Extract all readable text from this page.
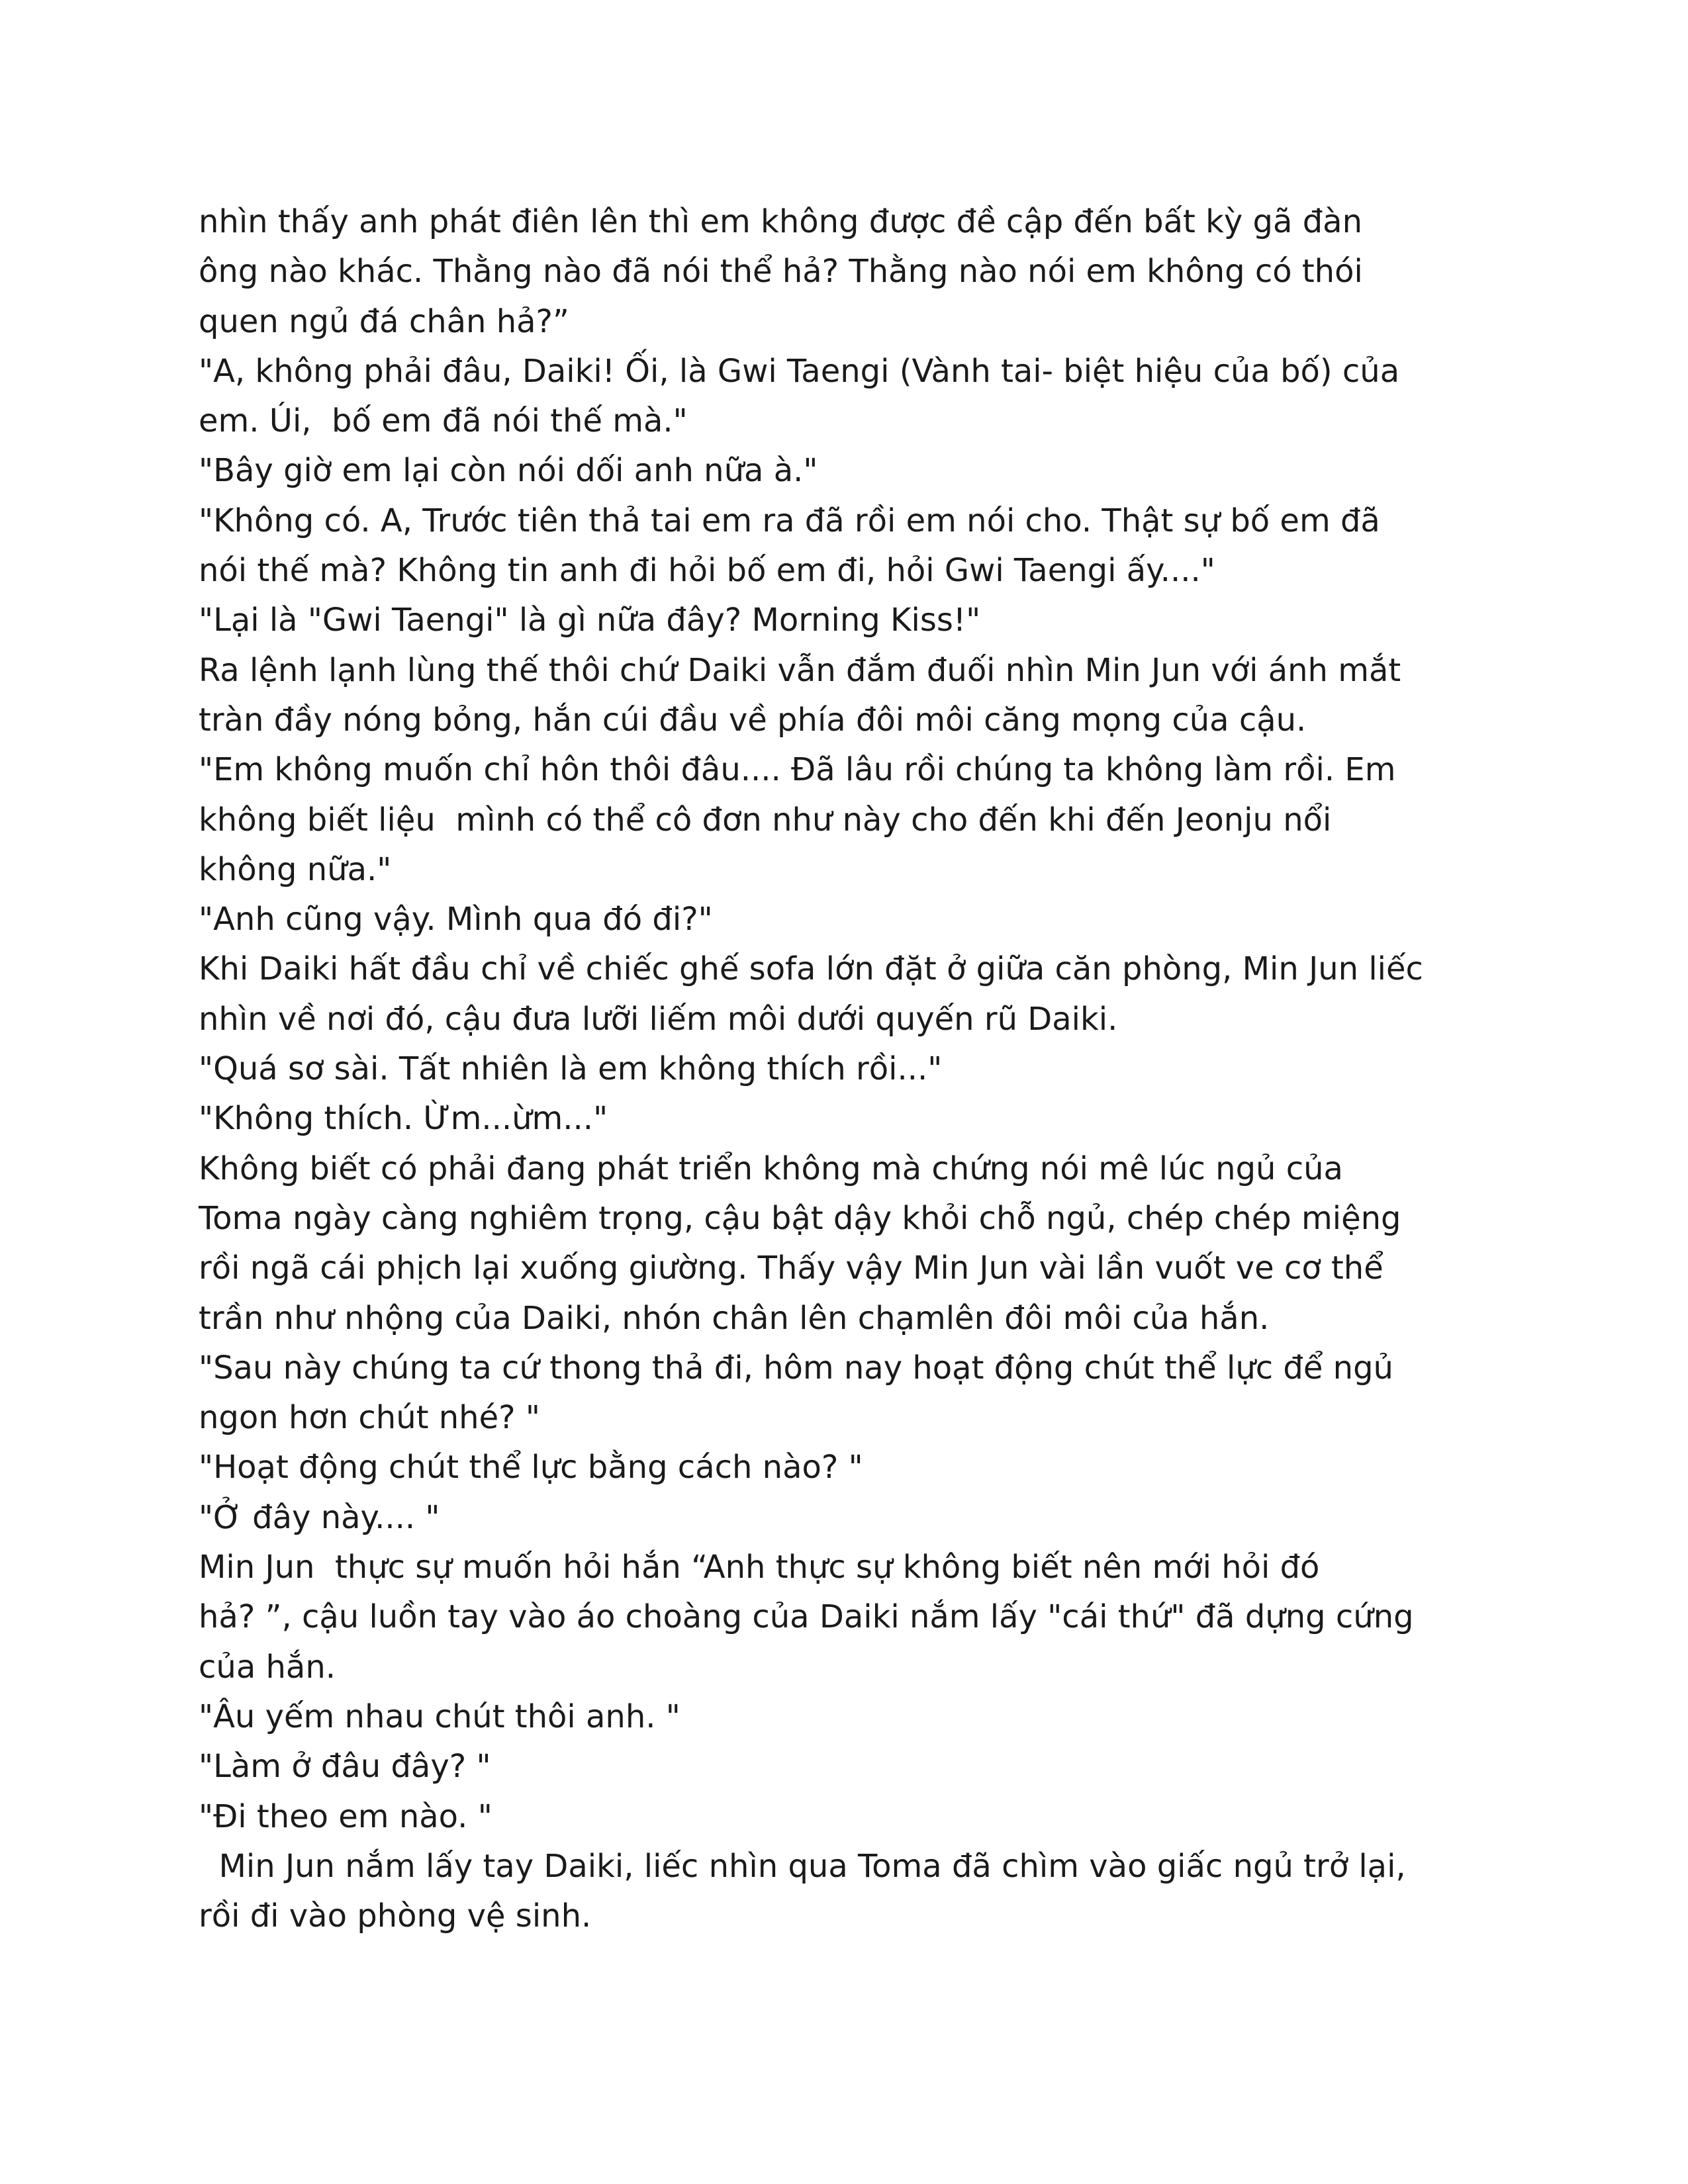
nhìn thấy anh phát điên lên thì em không được đề cập đến bất kỳ gã đàn
ông nào khác. Thằng nào đã nói thể hả? Thằng nào nói em không có thói
quen ngủ đá chân hả?”
"A, không phải đâu, Daiki! Ối, là Gwi Taengi (Vành tai- biệt hiệu của bố) của
em. Úi,  bố em đã nói thế mà."
"Bây giờ em lại còn nói dối anh nữa à."
"Không có. A, Trước tiên thả tai em ra đã rồi em nói cho. Thật sự bố em đã
nói thế mà? Không tin anh đi hỏi bố em đi, hỏi Gwi Taengi ấy...."
"Lại là "Gwi Taengi" là gì nữa đây? Morning Kiss!"
Ra lệnh lạnh lùng thế thôi chứ Daiki vẫn đắm đuối nhìn Min Jun với ánh mắt
tràn đầy nóng bỏng, hắn cúi đầu về phía đôi môi căng mọng của cậu.
"Em không muốn chỉ hôn thôi đâu.... Đã lâu rồi chúng ta không làm rồi. Em
không biết liệu  mình có thể cô đơn như này cho đến khi đến Jeonju nổi
không nữa."
"Anh cũng vậy. Mình qua đó đi?"
Khi Daiki hất đầu chỉ về chiếc ghế sofa lớn đặt ở giữa căn phòng, Min Jun liếc
nhìn về nơi đó, cậu đưa lưỡi liếm môi dưới quyến rũ Daiki.
"Quá sơ sài. Tất nhiên là em không thích rồi..."
"Không thích. Ừm...ừm..."
Không biết có phải đang phát triển không mà chứng nói mê lúc ngủ của
Toma ngày càng nghiêm trọng, cậu bật dậy khỏi chỗ ngủ, chép chép miệng
rồi ngã cái phịch lại xuống giường. Thấy vậy Min Jun vài lần vuốt ve cơ thể
trần như nhộng của Daiki, nhón chân lên chạmlên đôi môi của hắn.
"Sau này chúng ta cứ thong thả đi, hôm nay hoạt động chút thể lực để ngủ
ngon hơn chút nhé? "
"Hoạt động chút thể lực bằng cách nào? "
"Ở đây này.... "
Min Jun  thực sự muốn hỏi hắn “Anh thực sự không biết nên mới hỏi đó
hả? ”, cậu luồn tay vào áo choàng của Daiki nắm lấy "cái thứ" đã dựng cứng
của hắn.
"Âu yếm nhau chút thôi anh. "
"Làm ở đâu đây? "
"Đi theo em nào. "
Min Jun nắm lấy tay Daiki, liếc nhìn qua Toma đã chìm vào giấc ngủ trở lại,
rồi đi vào phòng vệ sinh.
